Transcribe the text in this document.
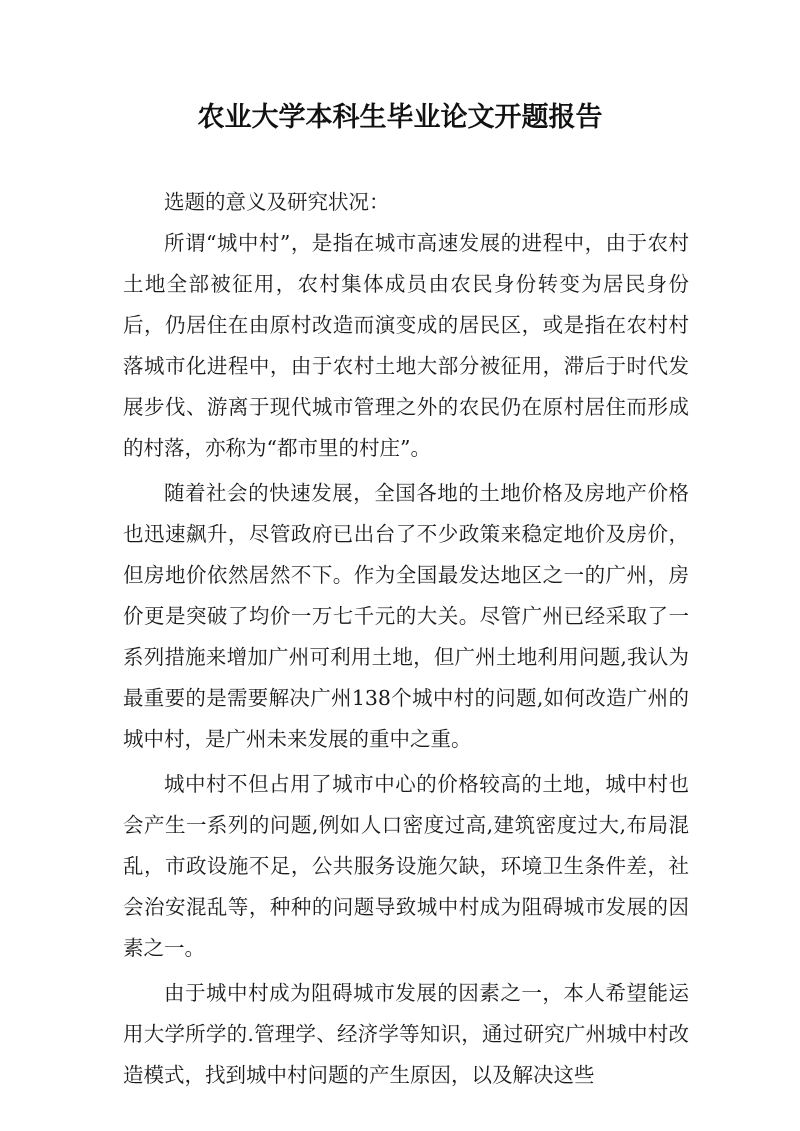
农业大学本科生毕业论文开题报告

选题的意义及研究状况：

所谓“城中村”，是指在城市高速发展的进程中，由于农村土地全部被征用，农村集体成员由农民身份转变为居民身份后，仍居住在由原村改造而演变成的居民区，或是指在农村村落城市化进程中，由于农村土地大部分被征用，滞后于时代发展步伐、游离于现代城市管理之外的农民仍在原村居住而形成的村落，亦称为“都市里的村庄”。

随着社会的快速发展，全国各地的土地价格及房地产价格也迅速飙升，尽管政府已出台了不少政策来稳定地价及房价，但房地价依然居然不下。作为全国最发达地区之一的广州，房价更是突破了均价一万七千元的大关。尽管广州已经采取了一系列措施来增加广州可利用土地，但广州土地利用问题,我认为最重要的是需要解决广州138个城中村的问题,如何改造广州的城中村，是广州未来发展的重中之重。

城中村不但占用了城市中心的价格较高的土地，城中村也会产生一系列的问题,例如人口密度过高,建筑密度过大,布局混乱，市政设施不足，公共服务设施欠缺，环境卫生条件差，社会治安混乱等，种种的问题导致城中村成为阻碍城市发展的因素之一。

由于城中村成为阻碍城市发展的因素之一，本人希望能运用大学所学的.管理学、经济学等知识，通过研究广州城中村改造模式，找到城中村问题的产生原因，以及解决这些
